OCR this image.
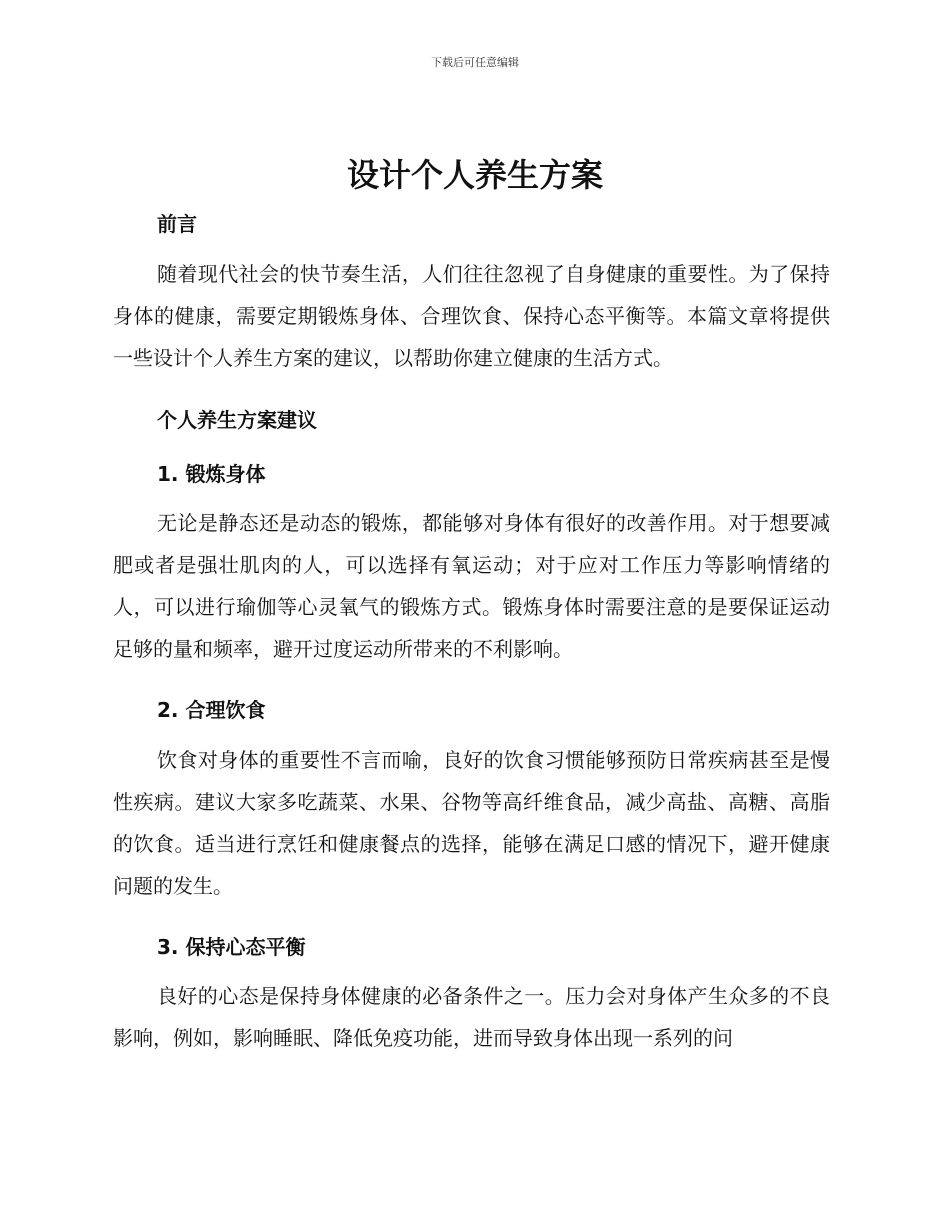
下载后可任意编辑
设计个人养生方案
前言

随着现代社会的快节奏生活，人们往往忽视了自身健康的重要性。为了保持身体的健康，需要定期锻炼身体、合理饮食、保持心态平衡等。本篇文章将提供一些设计个人养生方案的建议，以帮助你建立健康的生活方式。

个人养生方案建议
1. 锻炼身体

无论是静态还是动态的锻炼，都能够对身体有很好的改善作用。对于想要减肥或者是强壮肌肉的人，可以选择有氧运动；对于应对工作压力等影响情绪的人，可以进行瑜伽等心灵氧气的锻炼方式。锻炼身体时需要注意的是要保证运动足够的量和频率，避开过度运动所带来的不利影响。

2. 合理饮食

饮食对身体的重要性不言而喻，良好的饮食习惯能够预防日常疾病甚至是慢性疾病。建议大家多吃蔬菜、水果、谷物等高纤维食品，减少高盐、高糖、高脂的饮食。适当进行烹饪和健康餐点的选择，能够在满足口感的情况下，避开健康问题的发生。

3. 保持心态平衡

良好的心态是保持身体健康的必备条件之一。压力会对身体产生众多的不良影响，例如，影响睡眠、降低免疫功能，进而导致身体出现一系列的问
